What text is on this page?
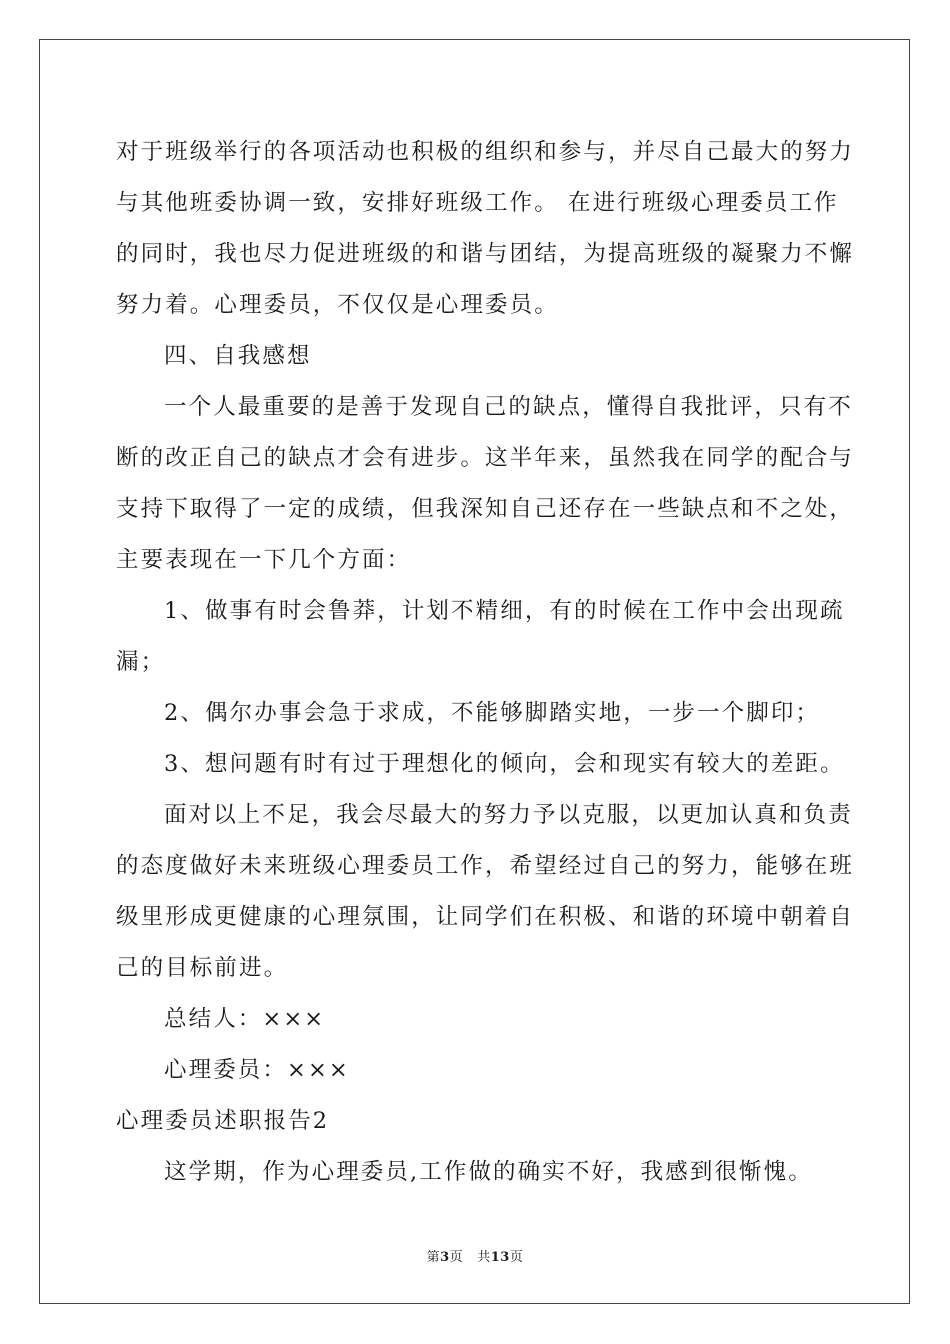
对于班级举行的各项活动也积极的组织和参与，并尽自己最大的努力
与其他班委协调一致，安排好班级工作。 在进行班级心理委员工作
的同时，我也尽力促进班级的和谐与团结，为提高班级的凝聚力不懈
努力着。心理委员，不仅仅是心理委员。
四、自我感想
一个人最重要的是善于发现自己的缺点，懂得自我批评，只有不
断的改正自己的缺点才会有进步。这半年来，虽然我在同学的配合与
支持下取得了一定的成绩，但我深知自己还存在一些缺点和不之处，
主要表现在一下几个方面：
1、做事有时会鲁莽，计划不精细，有的时候在工作中会出现疏
漏；
2、偶尔办事会急于求成，不能够脚踏实地，一步一个脚印；
3、想问题有时有过于理想化的倾向，会和现实有较大的差距。
面对以上不足，我会尽最大的努力予以克服，以更加认真和负责
的态度做好未来班级心理委员工作，希望经过自己的努力，能够在班
级里形成更健康的心理氛围，让同学们在积极、和谐的环境中朝着自
己的目标前进。
总结人：×××
心理委员：×××
心理委员述职报告2
这学期，作为心理委员,工作做的确实不好，我感到很惭愧。
第3页 共13页
